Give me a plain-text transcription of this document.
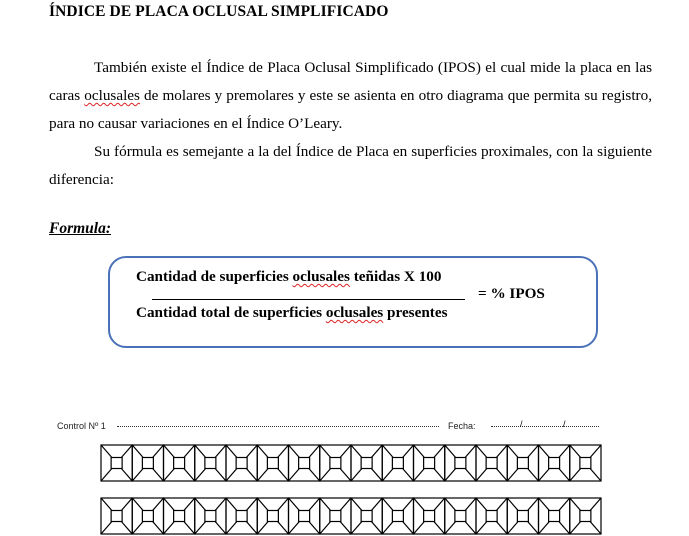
ÍNDICE DE PLACA OCLUSAL SIMPLIFICADO
También existe el Índice de Placa Oclusal Simplificado (IPOS) el cual mide la placa en las caras oclusales de molares y premolares y este se asienta en otro diagrama que permita su registro, para no causar variaciones en el Índice O’Leary.
Su fórmula es semejante a la del Índice de Placa en superficies proximales, con la siguiente diferencia:
Formula:
Cantidad de superficies oclusales teñidas X 100
Cantidad total de superficies oclusales presentes
= % IPOS
Control Nº 1	Fecha:	/	/
